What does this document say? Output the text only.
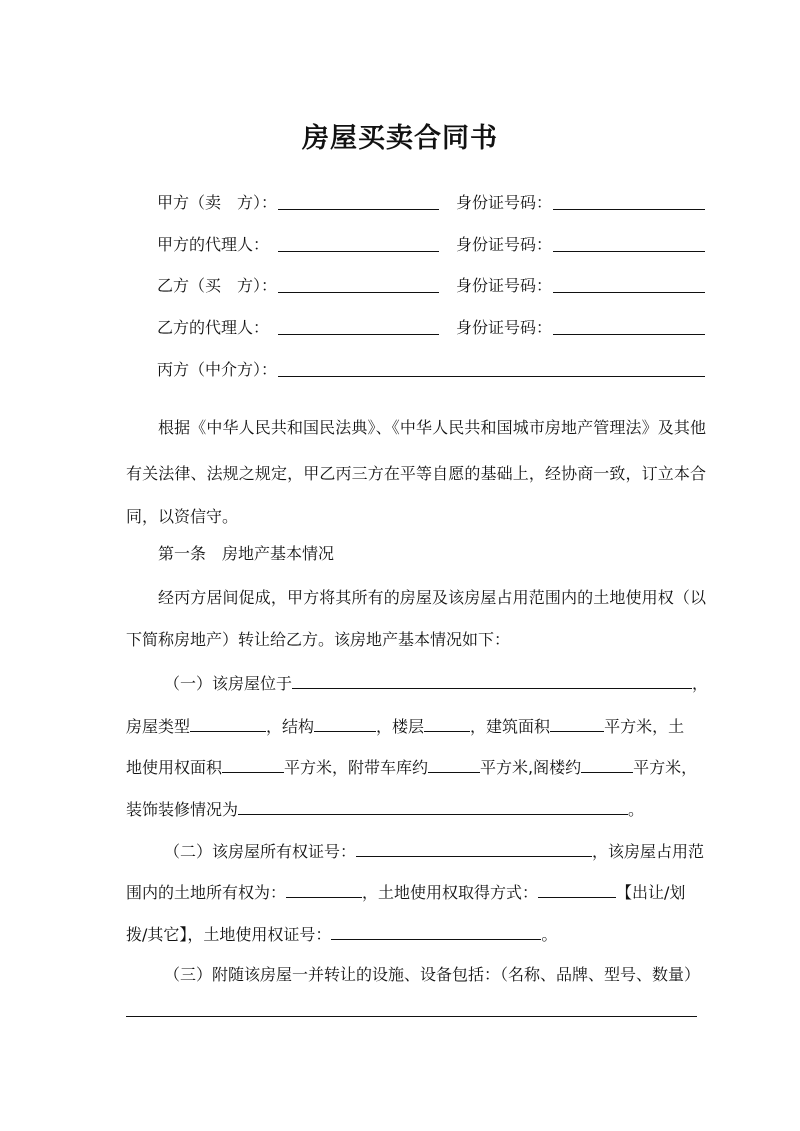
房屋买卖合同书
甲方（卖　方）：	身份证号码：
甲方的代理人：	身份证号码：
乙方（买　方）：	身份证号码：
乙方的代理人：	身份证号码：
丙方（中介方）：
根据《中华人民共和国民法典》、《中华人民共和国城市房地产管理法》及其他
有关法律、法规之规定，甲乙丙三方在平等自愿的基础上，经协商一致，订立本合
同，以资信守。
第一条　房地产基本情况
经丙方居间促成，甲方将其所有的房屋及该房屋占用范围内的土地使用权（以
下简称房地产）转让给乙方。该房地产基本情况如下：
（一）该房屋位于	，
房屋类型	，结构	，楼层	，建筑面积	平方米，土
地使用权面积	平方米，附带车库约	平方米,阁楼约	平方米，
装饰装修情况为	。
（二）该房屋所有权证号：	，该房屋占用范
围内的土地所有权为：	，土地使用权取得方式：	【出让/划
拨/其它】，土地使用权证号：	。
（三）附随该房屋一并转让的设施、设备包括：（名称、品牌、型号、数量）
